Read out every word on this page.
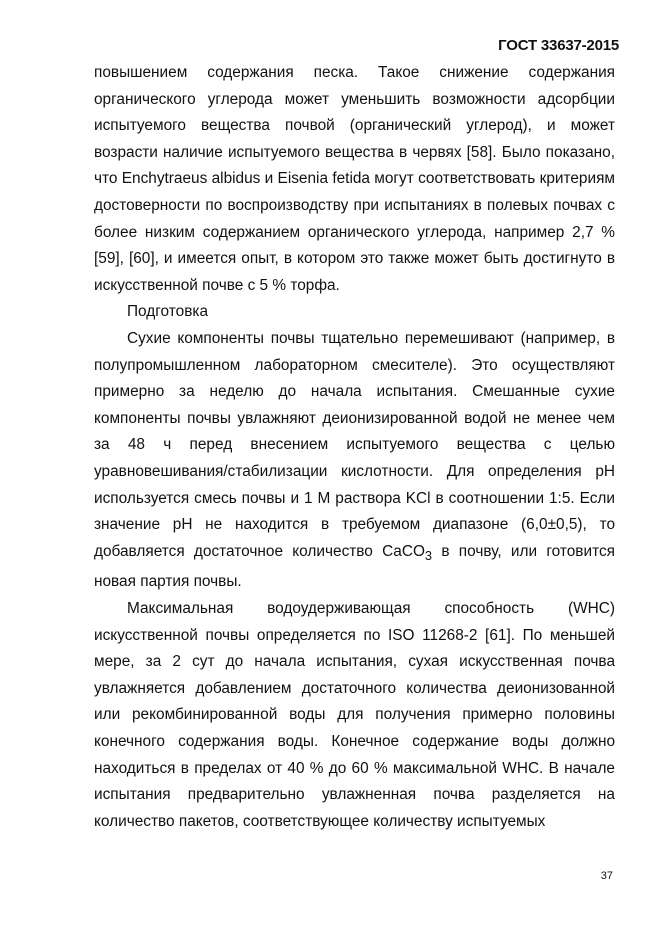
ГОСТ 33637-2015

повышением содержания песка. Такое снижение содержания органического углерода может уменьшить возможности адсорбции испытуемого вещества почвой (органический углерод), и может возрасти наличие испытуемого вещества в червях [58]. Было показано, что Enchytraeus albidus и Eisenia fetida могут соответствовать критериям достоверности по воспроизводству при испытаниях в полевых почвах с более низким содержанием органического углерода, например 2,7 % [59], [60], и имеется опыт, в котором это также может быть достигнуто в искусственной почве с 5 % торфа.

Подготовка

Сухие компоненты почвы тщательно перемешивают (например, в полупромышленном лабораторном смесителе). Это осуществляют примерно за неделю до начала испытания. Смешанные сухие компоненты почвы увлажняют деионизированной водой не менее чем за 48 ч перед внесением испытуемого вещества с целью уравновешивания/стабилизации кислотности. Для определения pH используется смесь почвы и 1 М раствора KCl в соотношении 1:5. Если значение pH не находится в требуемом диапазоне (6,0±0,5), то добавляется достаточное количество CaCO$_3$ в почву, или готовится новая партия почвы.

Максимальная водоудерживающая способность (WHC) искусственной почвы определяется по ISO 11268-2 [61]. По меньшей мере, за 2 сут до начала испытания, сухая искусственная почва увлажняется добавлением достаточного количества деионизованной или рекомбинированной воды для получения примерно половины конечного содержания воды. Конечное содержание воды должно находиться в пределах от 40 % до 60 % максимальной WHC. В начале испытания предварительно увлажненная почва разделяется на количество пакетов, соответствующее количеству испытуемых

37
